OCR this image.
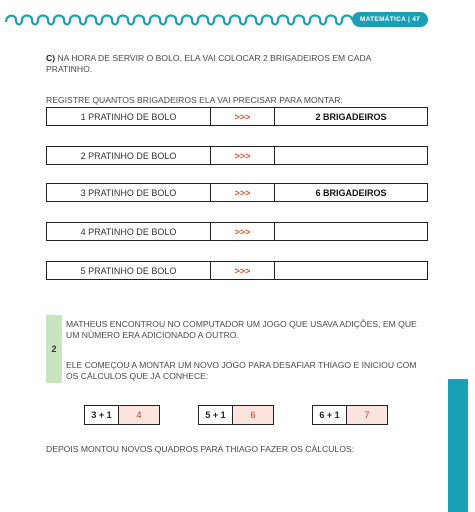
MATEMÁTICA | 47
C) NA HORA DE SERVIR O BOLO, ELA VAI COLOCAR 2 BRIGADEIROS EM CADA PRATINHO.
REGISTRE QUANTOS BRIGADEIROS ELA VAI PRECISAR PARA MONTAR:
1 PRATINHO DE BOLO	>>>	2 BRIGADEIROS
2 PRATINHO DE BOLO	>>>
3 PRATINHO DE BOLO	>>>	6 BRIGADEIROS
4 PRATINHO DE BOLO	>>>
5 PRATINHO DE BOLO	>>>
2
MATHEUS ENCONTROU NO COMPUTADOR UM JOGO QUE USAVA ADIÇÕES, EM QUE UM NÚMERO ERA ADICIONADO A OUTRO.
ELE COMEÇOU A MONTAR UM NOVO JOGO PARA DESAFIAR THIAGO E INICIOU COM OS CÁLCULOS QUE JÁ CONHECE:
3 + 1	4	5 + 1	6	6 + 1	7
DEPOIS MONTOU NOVOS QUADROS PARA THIAGO FAZER OS CÁLCULOS:
